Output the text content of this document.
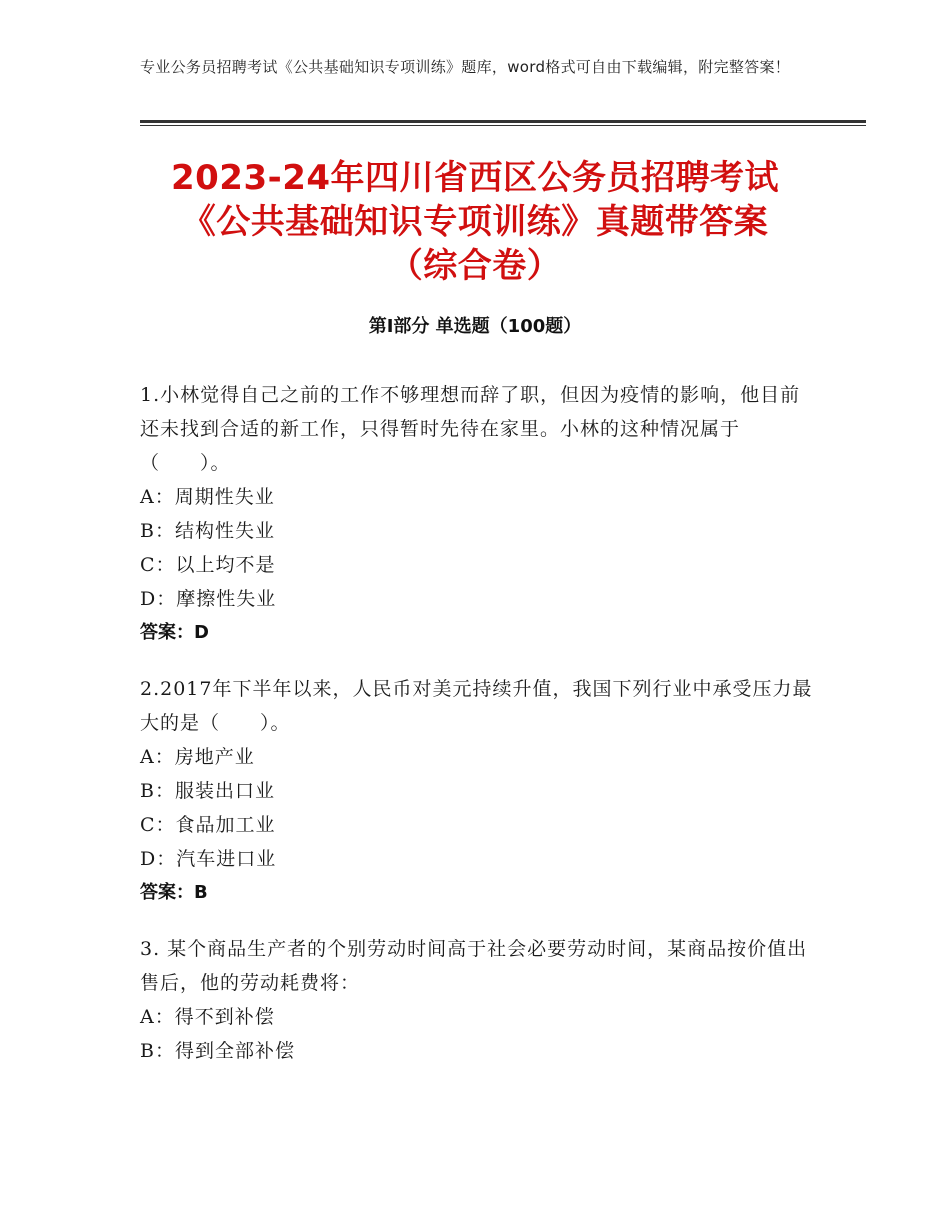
专业公务员招聘考试《公共基础知识专项训练》题库，word格式可自由下载编辑，附完整答案！
2023-24年四川省西区公务员招聘考试《公共基础知识专项训练》真题带答案（综合卷）
第Ⅰ部分 单选题（100题）
1.小林觉得自己之前的工作不够理想而辞了职，但因为疫情的影响，他目前还未找到合适的新工作，只得暂时先待在家里。小林的这种情况属于（　　）。
A：周期性失业
B：结构性失业
C：以上均不是
D：摩擦性失业
答案：D
2.2017年下半年以来，人民币对美元持续升值，我国下列行业中承受压力最大的是（　　）。
A：房地产业
B：服装出口业
C：食品加工业
D：汽车进口业
答案：B
3. 某个商品生产者的个别劳动时间高于社会必要劳动时间，某商品按价值出售后，他的劳动耗费将：
A：得不到补偿
B：得到全部补偿
